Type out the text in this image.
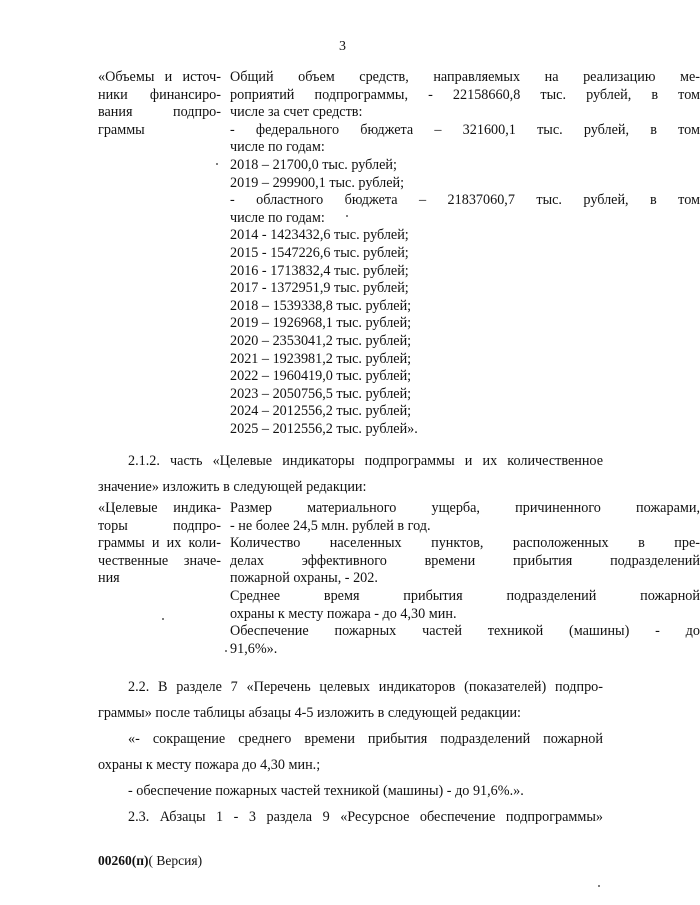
3
«Объемы и источ-
ники финансиро-
вания подпро-
граммы
Общий объем средств, направляемых на реализацию ме-
роприятий подпрограммы, - 22158660,8 тыс. рублей, в том
числе за счет средств:
- федерального бюджета – 321600,1 тыс. рублей, в том
числе по годам:
2018 – 21700,0 тыс. рублей;
2019 – 299900,1 тыс. рублей;
- областного бюджета – 21837060,7 тыс. рублей, в том
числе по годам:
2014 - 1423432,6 тыс. рублей;
2015 - 1547226,6 тыс. рублей;
2016 - 1713832,4 тыс. рублей;
2017 - 1372951,9 тыс. рублей;
2018 – 1539338,8 тыс. рублей;
2019 – 1926968,1 тыс. рублей;
2020 – 2353041,2 тыс. рублей;
2021 – 1923981,2 тыс. рублей;
2022 – 1960419,0 тыс. рублей;
2023 – 2050756,5 тыс. рублей;
2024 – 2012556,2 тыс. рублей;
2025 – 2012556,2 тыс. рублей».
2.1.2. часть «Целевые индикаторы подпрограммы и их количественное
значение» изложить в следующей редакции:
«Целевые индика-
торы подпро-
граммы и их коли-
чественные значе-
ния
Размер материального ущерба, причиненного пожарами,
- не более 24,5 млн. рублей в год.
Количество населенных пунктов, расположенных в пре-
делах эффективного времени прибытия подразделений
пожарной охраны, - 202.
Среднее время прибытия подразделений пожарной
охраны к месту пожара - до 4,30 мин.
Обеспечение пожарных частей техникой (машины) - до
91,6%».
2.2. В разделе 7 «Перечень целевых индикаторов (показателей) подпро-
граммы» после таблицы абзацы 4-5 изложить в следующей редакции:
«- сокращение среднего времени прибытия подразделений пожарной
охраны к месту пожара до 4,30 мин.;
- обеспечение пожарных частей техникой (машины) - до 91,6%.».
2.3. Абзацы 1 - 3 раздела 9 «Ресурсное обеспечение подпрограммы»
00260(п)( Версия)
